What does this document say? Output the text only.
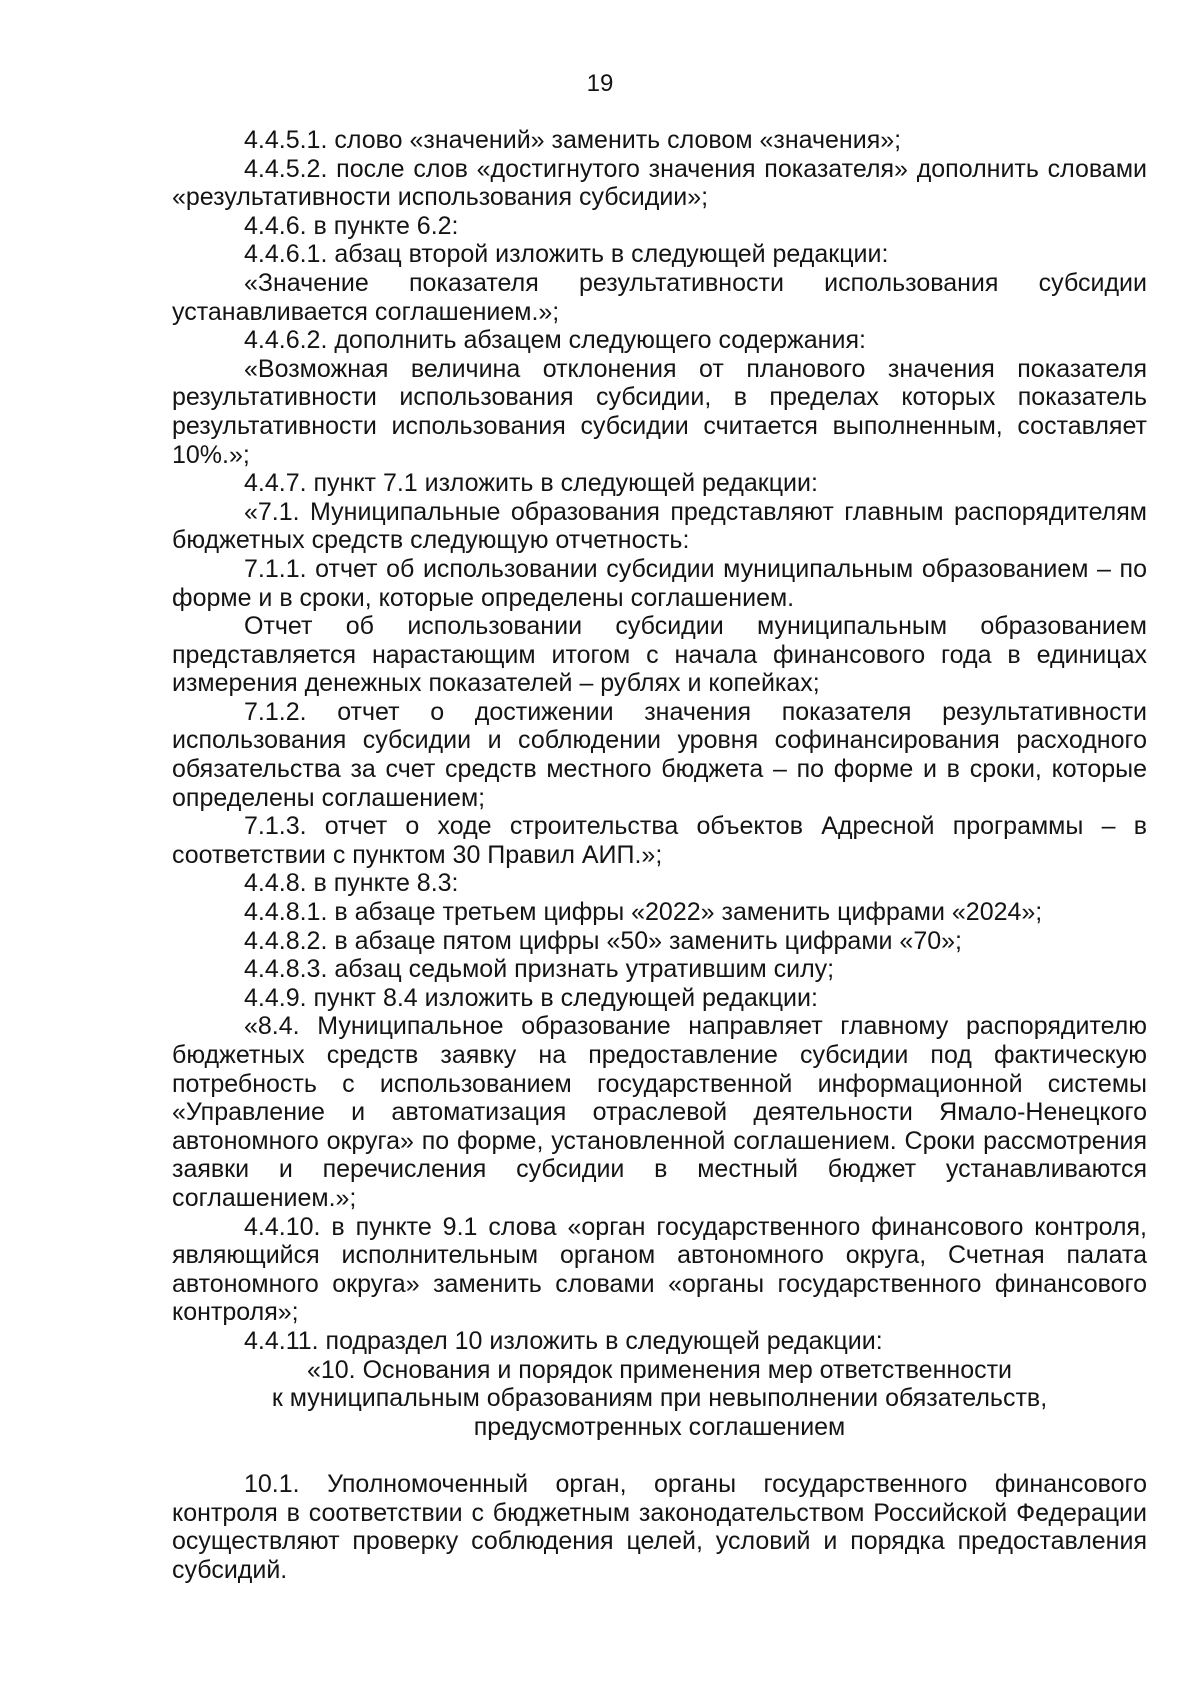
19

4.4.5.1. слово «значений» заменить словом «значения»;

4.4.5.2. после слов «достигнутого значения показателя» дополнить словами «результативности использования субсидии»;

4.4.6. в пункте 6.2:

4.4.6.1. абзац второй изложить в следующей редакции:

«Значение показателя результативности использования субсидии устанавливается соглашением.»;

4.4.6.2. дополнить абзацем следующего содержания:

«Возможная величина отклонения от планового значения показателя результативности использования субсидии, в пределах которых показатель результативности использования субсидии считается выполненным, составляет 10%.»;

4.4.7. пункт 7.1 изложить в следующей редакции:

«7.1. Муниципальные образования представляют главным распорядителям бюджетных средств следующую отчетность:

7.1.1. отчет об использовании субсидии муниципальным образованием – по форме и в сроки, которые определены соглашением.

Отчет об использовании субсидии муниципальным образованием представляется нарастающим итогом с начала финансового года в единицах измерения денежных показателей – рублях и копейках;

7.1.2. отчет о достижении значения показателя результативности использования субсидии и соблюдении уровня софинансирования расходного обязательства за счет средств местного бюджета – по форме и в сроки, которые определены соглашением;

7.1.3. отчет о ходе строительства объектов Адресной программы – в соответствии с пунктом 30 Правил АИП.»;

4.4.8. в пункте 8.3:

4.4.8.1. в абзаце третьем цифры «2022» заменить цифрами «2024»;

4.4.8.2. в абзаце пятом цифры «50» заменить цифрами «70»;

4.4.8.3. абзац седьмой признать утратившим силу;

4.4.9. пункт 8.4 изложить в следующей редакции:

«8.4. Муниципальное образование направляет главному распорядителю бюджетных средств заявку на предоставление субсидии под фактическую потребность с использованием государственной информационной системы «Управление и автоматизация отраслевой деятельности Ямало-Ненецкого автономного округа» по форме, установленной соглашением. Сроки рассмотрения заявки и перечисления субсидии в местный бюджет устанавливаются соглашением.»;

4.4.10. в пункте 9.1 слова «орган государственного финансового контроля, являющийся исполнительным органом автономного округа, Счетная палата автономного округа» заменить словами «органы государственного финансового контроля»;

4.4.11. подраздел 10 изложить в следующей редакции:

«10. Основания и порядок применения мер ответственности
к муниципальным образованиям при невыполнении обязательств,
предусмотренных соглашением

10.1. Уполномоченный орган, органы государственного финансового контроля в соответствии с бюджетным законодательством Российской Федерации осуществляют проверку соблюдения целей, условий и порядка предоставления субсидий.
